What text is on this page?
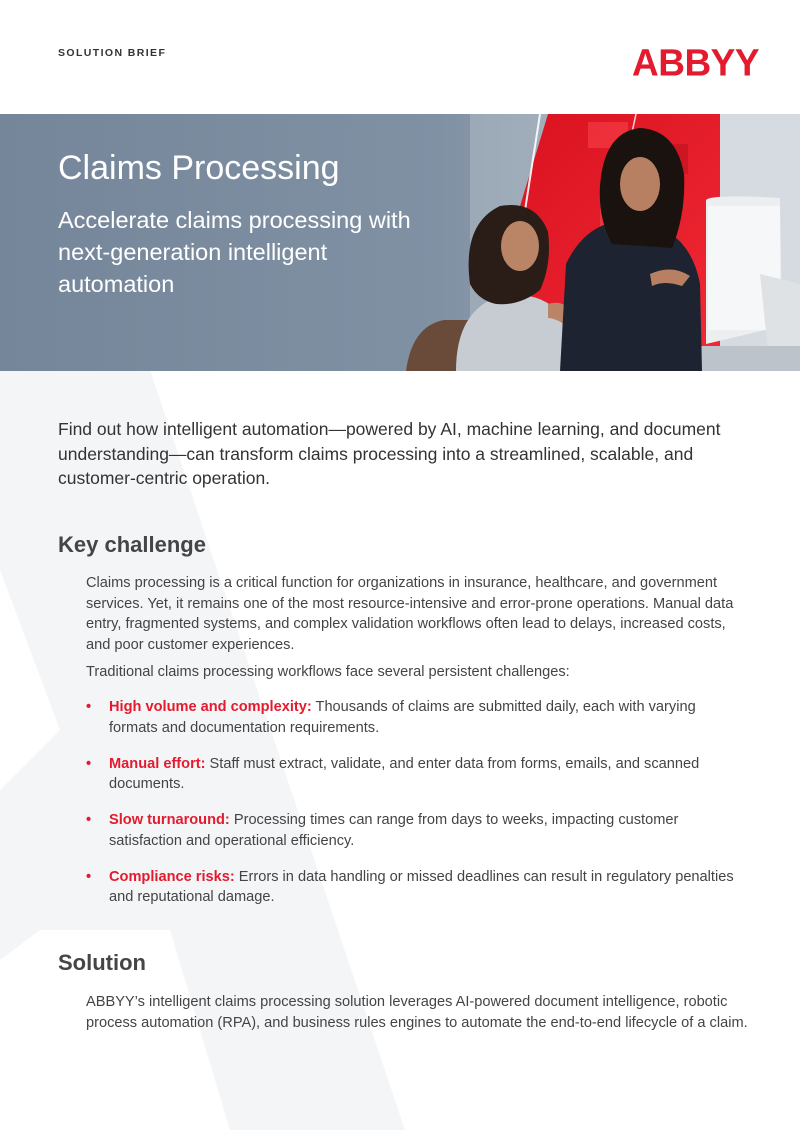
SOLUTION BRIEF	ABBYY
Claims Processing

Accelerate claims processing with next-generation intelligent automation

Find out how intelligent automation—powered by AI, machine learning, and document understanding—can transform claims processing into a streamlined, scalable, and customer-centric operation.

Key challenge

Claims processing is a critical function for organizations in insurance, healthcare, and government services. Yet, it remains one of the most resource-intensive and error-prone operations. Manual data entry, fragmented systems, and complex validation workflows often lead to delays, increased costs, and poor customer experiences.

Traditional claims processing workflows face several persistent challenges:

• High volume and complexity: Thousands of claims are submitted daily, each with varying formats and documentation requirements.
• Manual effort: Staff must extract, validate, and enter data from forms, emails, and scanned documents.
• Slow turnaround: Processing times can range from days to weeks, impacting customer satisfaction and operational efficiency.
• Compliance risks: Errors in data handling or missed deadlines can result in regulatory penalties and reputational damage.
Solution

ABBYY’s intelligent claims processing solution leverages AI-powered document intelligence, robotic process automation (RPA), and business rules engines to automate the end-to-end lifecycle of a claim.
